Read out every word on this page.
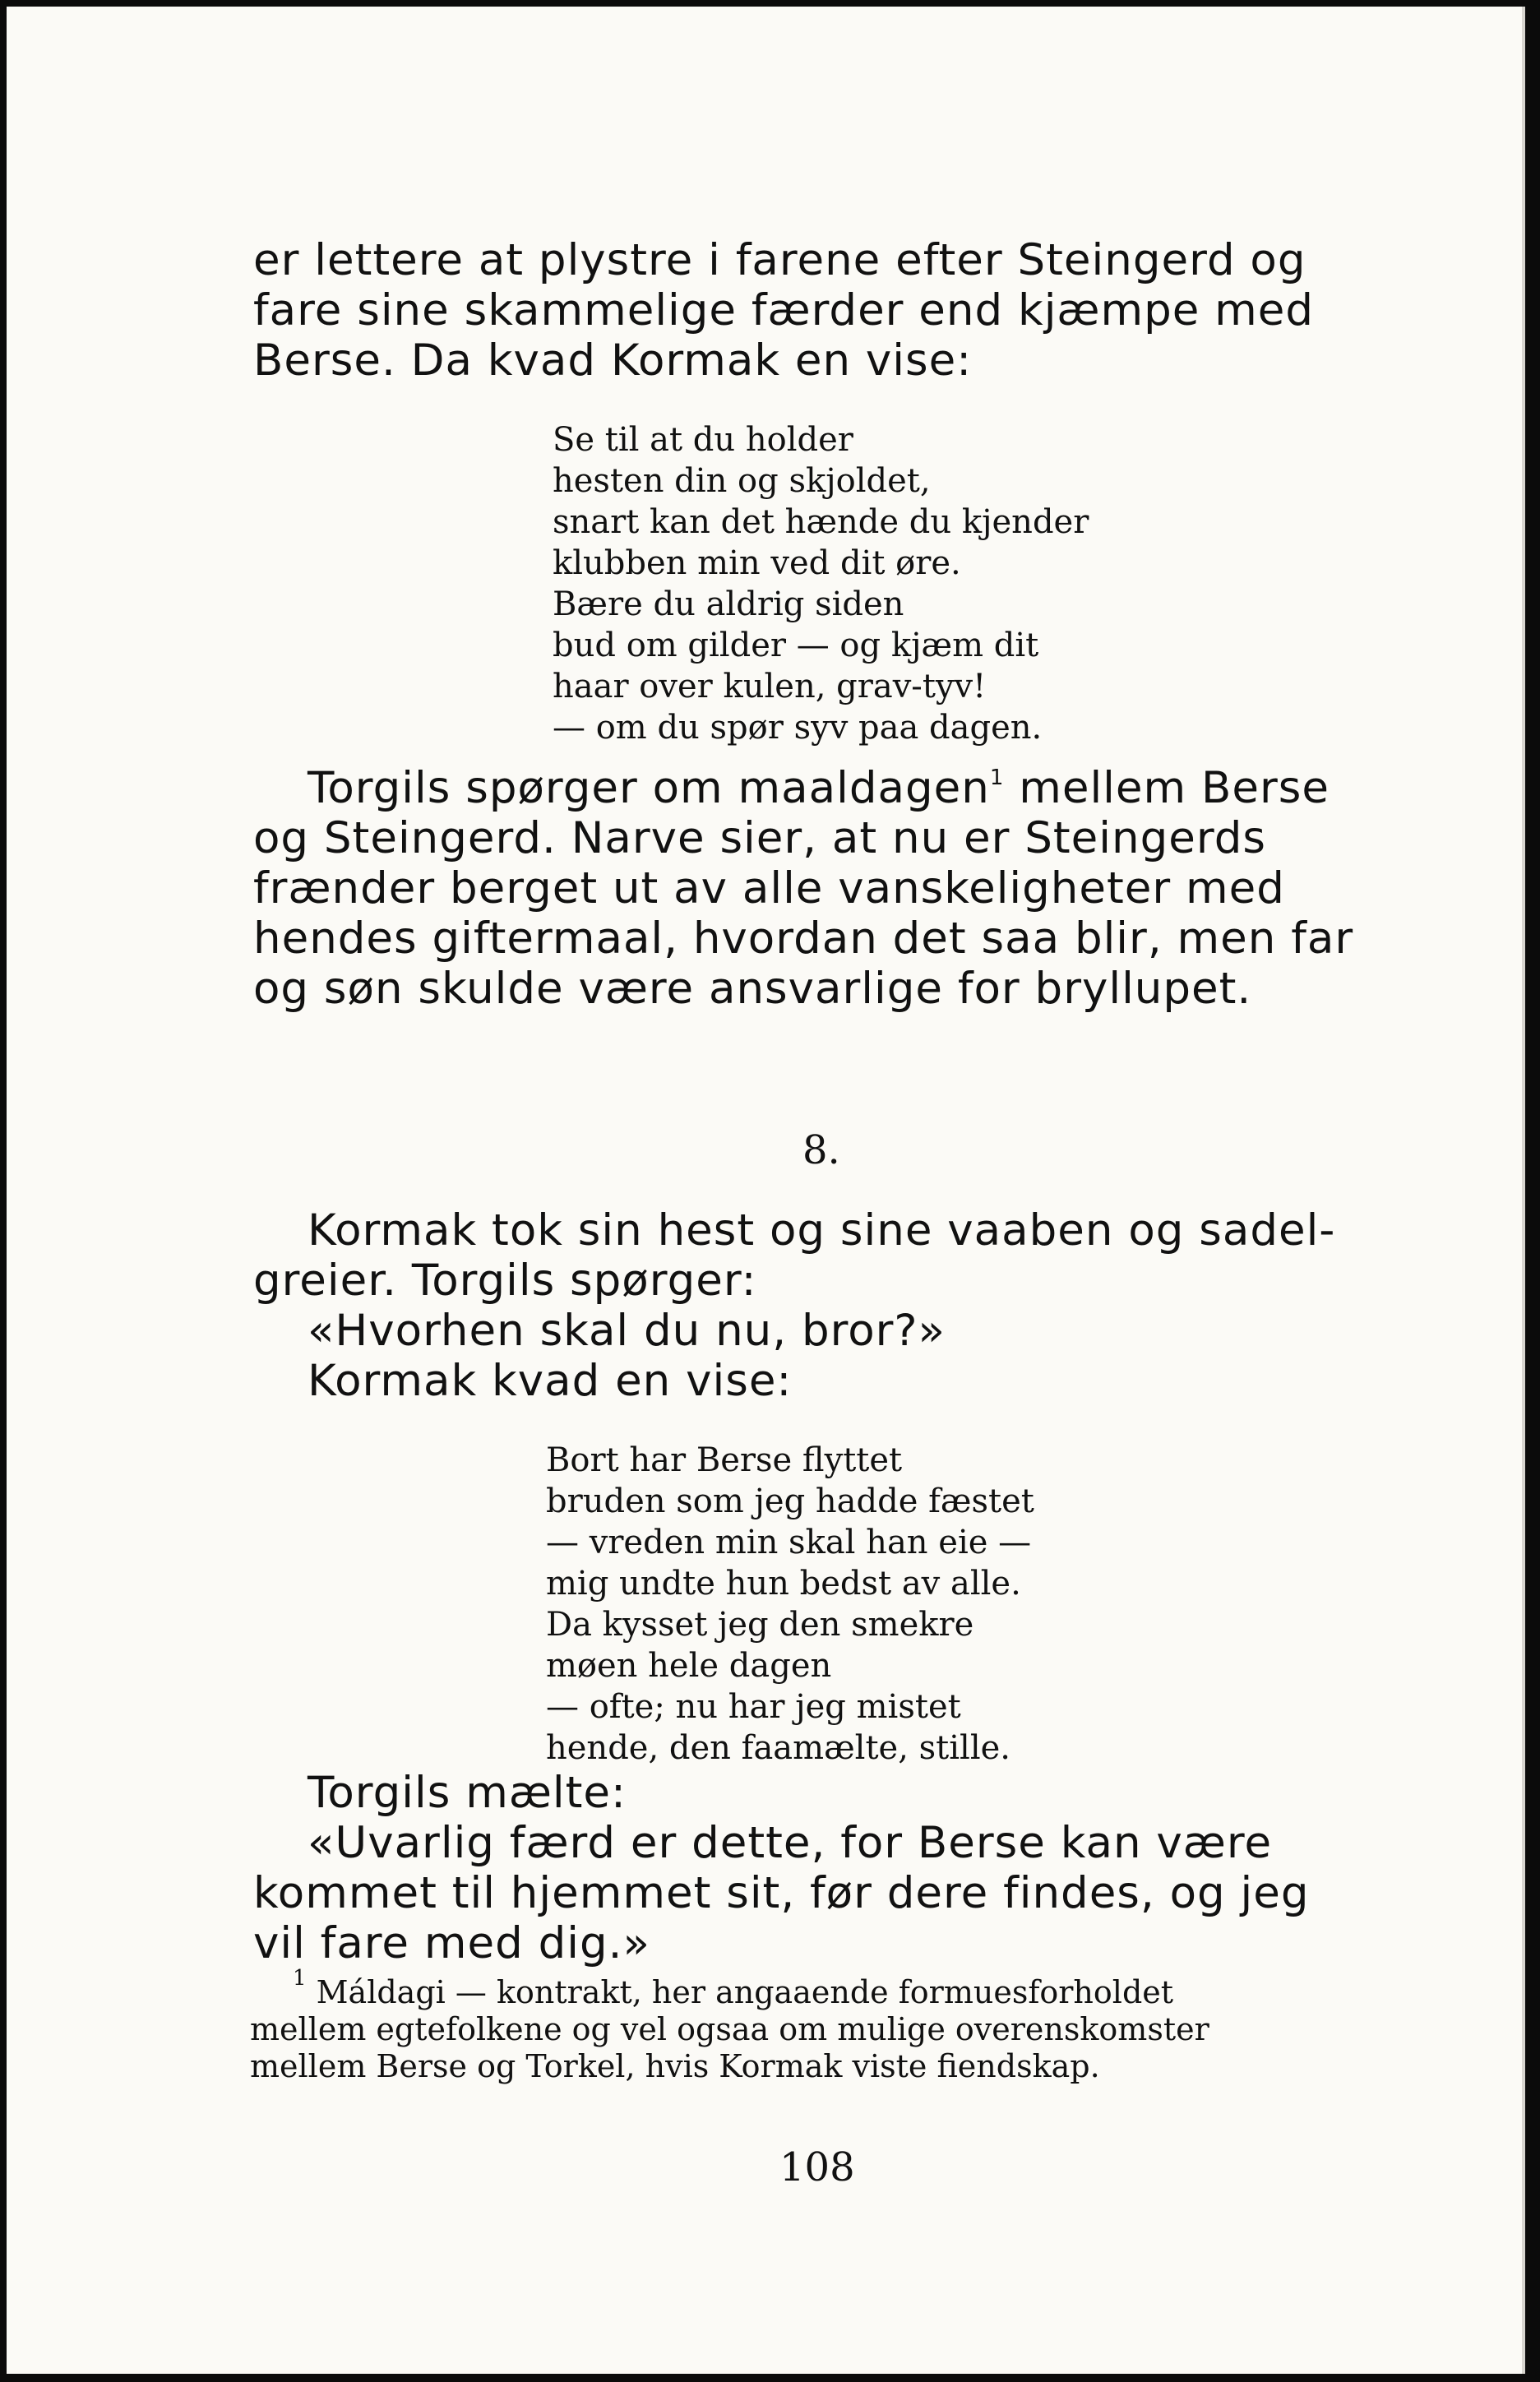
er lettere at plystre i farene efter Steingerd og
fare sine skammelige færder end kjæmpe med
Berse. Da kvad Kormak en vise:
Se til at du holder
hesten din og skjoldet,
snart kan det hænde du kjender
klubben min ved dit øre.
Bære du aldrig siden
bud om gilder — og kjæm dit
haar over kulen, grav-tyv!
— om du spør syv paa dagen.
Torgils spørger om maaldagen$^1$ mellem Berse
og Steingerd. Narve sier, at nu er Steingerds
frænder berget ut av alle vanskeligheter med
hendes giftermaal, hvordan det saa blir, men far
og søn skulde være ansvarlige for bryllupet.
8.
Kormak tok sin hest og sine vaaben og sadel-
greier. Torgils spørger:
«Hvorhen skal du nu, bror?»
Kormak kvad en vise:
Bort har Berse flyttet
bruden som jeg hadde fæstet
— vreden min skal han eie —
mig undte hun bedst av alle.
Da kysset jeg den smekre
møen hele dagen
— ofte; nu har jeg mistet
hende, den faamælte, stille.
Torgils mælte:
«Uvarlig færd er dette, for Berse kan være
kommet til hjemmet sit, før dere findes, og jeg
vil fare med dig.»
$^1$ Máldagi — kontrakt, her angaaende formuesforholdet
mellem egtefolkene og vel ogsaa om mulige overenskomster
mellem Berse og Torkel, hvis Kormak viste fiendskap.
108
